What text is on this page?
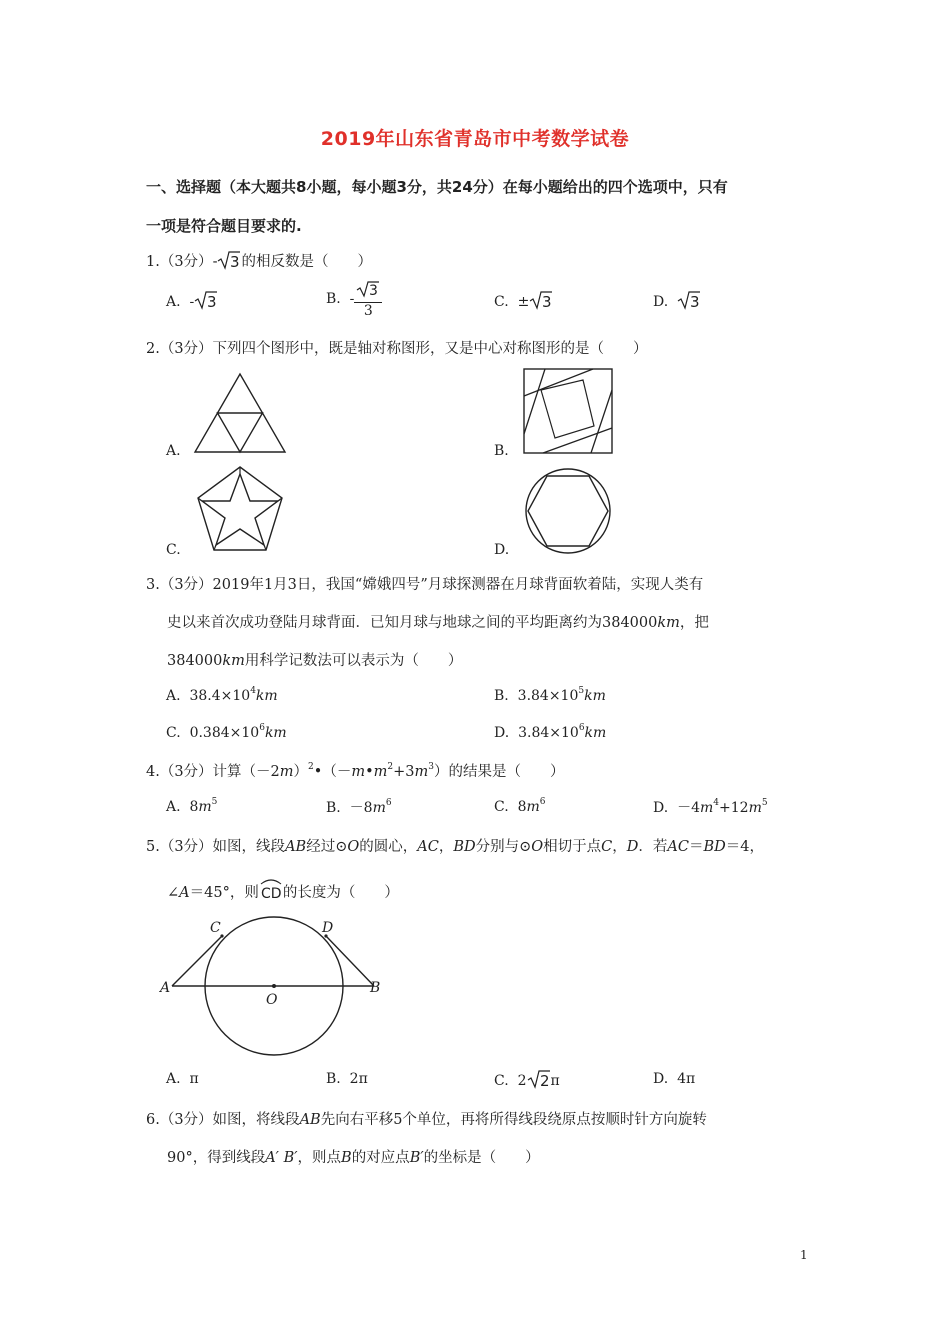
2019年山东省青岛市中考数学试卷
一、选择题（本大题共8小题，每小题3分，共24分）在每小题给出的四个选项中，只有
一项是符合题目要求的.
1.（3分）- 3 的相反数是（　　）
A. - 3	B. - $\frac{3}{3}$	C. ± 3	D. 3
2.（3分）下列四个图形中，既是轴对称图形，又是中心对称图形的是（　　）
A.	B.
C.	D.
3.（3分）2019年1月3日，我国“嫦娥四号”月球探测器在月球背面软着陆，实现人类有
史以来首次成功登陆月球背面．已知月球与地球之间的平均距离约为384000km，把
384000km用科学记数法可以表示为（　　）
A. $38.4\times 10^4km$	B. $3.84\times 10^5km$
C. $0.384\times 10^6km$	D. $3.84\times 10^6km$
4.（3分）计算$(-2m)^2•(-m•m^2+3m^3)$的结果是（　　）
A. $8m^5$	B. $-8m^6$	C. $8m^6$	D. $-4m^4+12m^5$
5.（3分）如图，线段AB经过⊙O的圆心，AC，BD分别与⊙O相切于点C，D．若AC＝BD＝4，
∠A＝45°，则 CD 的长度为（　　）
A	B
C	D
O
A. π	B. 2π	C. 2 2 π	D. 4π
6.（3分）如图，将线段AB先向右平移5个单位，再将所得线段绕原点按顺时针方向旋转
90°，得到线段A′ B′，则点B的对应点B′的坐标是（　　）
1
